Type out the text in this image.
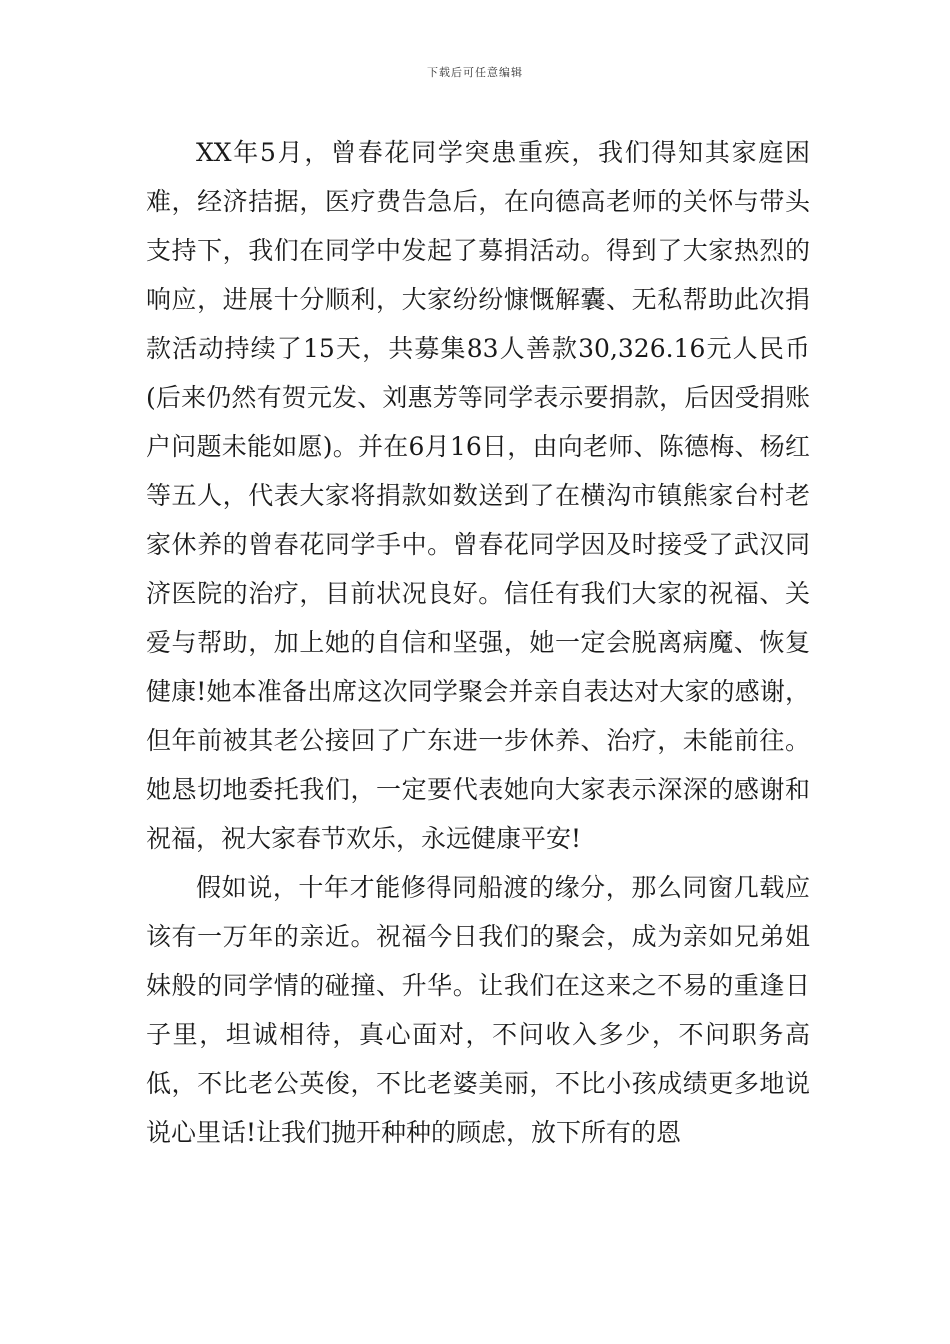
下载后可任意编辑

XX年5月，曾春花同学突患重疾，我们得知其家庭困难，经济拮据，医疗费告急后，在向德高老师的关怀与带头支持下，我们在同学中发起了募捐活动。得到了大家热烈的响应，进展十分顺利，大家纷纷慷慨解囊、无私帮助此次捐款活动持续了15天，共募集83人善款30,326.16元人民币(后来仍然有贺元发、刘惠芳等同学表示要捐款，后因受捐账户问题未能如愿)。并在6月16日，由向老师、陈德梅、杨红等五人，代表大家将捐款如数送到了在横沟市镇熊家台村老家休养的曾春花同学手中。曾春花同学因及时接受了武汉同济医院的治疗，目前状况良好。信任有我们大家的祝福、关爱与帮助，加上她的自信和坚强，她一定会脱离病魔、恢复健康!她本准备出席这次同学聚会并亲自表达对大家的感谢，但年前被其老公接回了广东进一步休养、治疗，未能前往。她恳切地委托我们，一定要代表她向大家表示深深的感谢和祝福，祝大家春节欢乐，永远健康平安!

假如说，十年才能修得同船渡的缘分，那么同窗几载应该有一万年的亲近。祝福今日我们的聚会，成为亲如兄弟姐妹般的同学情的碰撞、升华。让我们在这来之不易的重逢日子里，坦诚相待，真心面对，不问收入多少，不问职务高低，不比老公英俊，不比老婆美丽，不比小孩成绩更多地说说心里话!让我们抛开种种的顾虑，放下所有的恩
